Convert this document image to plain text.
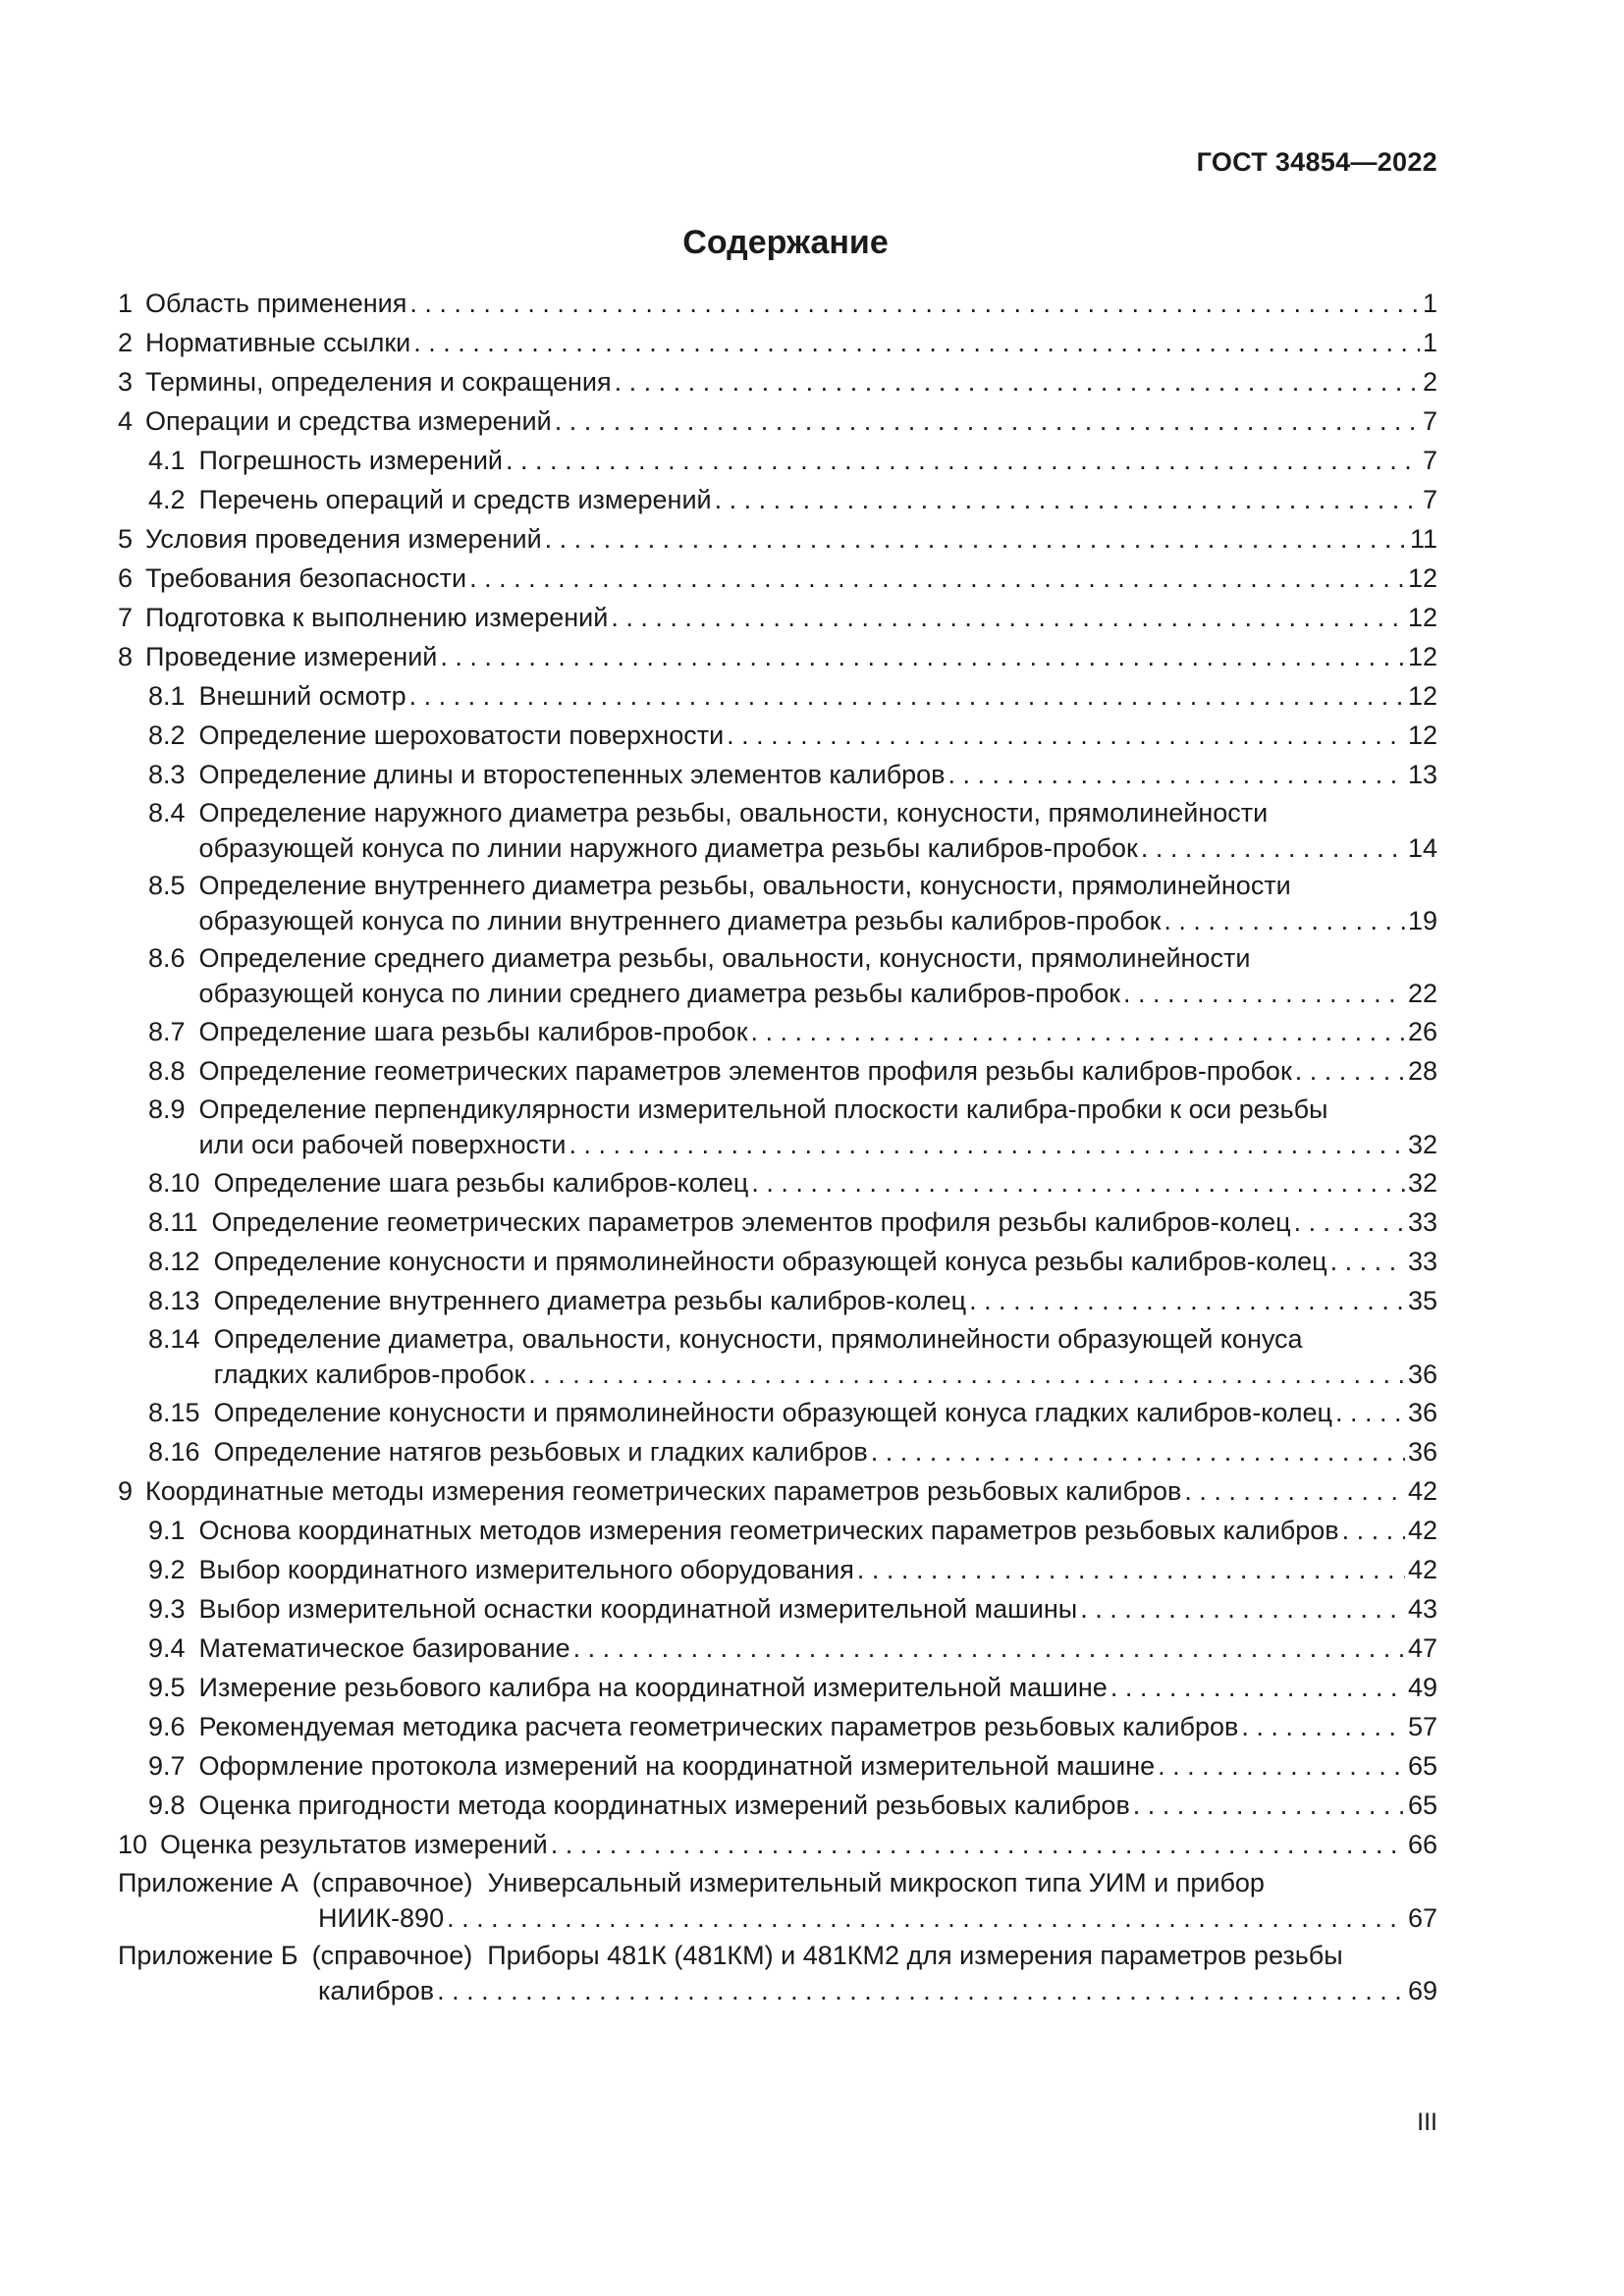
ГОСТ 34854—2022
Содержание
1 Область применения . . .	1
2 Нормативные ссылки . . .	1
3 Термины, определения и сокращения . . .	2
4 Операции и средства измерений . . .	7
4.1 Погрешность измерений . . .	7
4.2 Перечень операций и средств измерений . . .	7
5 Условия проведения измерений . . .	11
6 Требования безопасности . . .	12
7 Подготовка к выполнению измерений . . .	12
8 Проведение измерений . . .	12
8.1 Внешний осмотр . . .	12
8.2 Определение шероховатости поверхности . . .	12
8.3 Определение длины и второстепенных элементов калибров . . .	13
8.4 Определение наружного диаметра резьбы, овальности, конусности, прямолинейности
образующей конуса по линии наружного диаметра резьбы калибров-пробок . . .	14
8.5 Определение внутреннего диаметра резьбы, овальности, конусности, прямолинейности
образующей конуса по линии внутреннего диаметра резьбы калибров-пробок . . .	19
8.6 Определение среднего диаметра резьбы, овальности, конусности, прямолинейности
образующей конуса по линии среднего диаметра резьбы калибров-пробок . . .	22
8.7 Определение шага резьбы калибров-пробок . . .	26
8.8 Определение геометрических параметров элементов профиля резьбы калибров-пробок . . .	28
8.9 Определение перпендикулярности измерительной плоскости калибра-пробки к оси резьбы
или оси рабочей поверхности . . .	32
8.10 Определение шага резьбы калибров-колец . . .	32
8.11 Определение геометрических параметров элементов профиля резьбы калибров-колец . . .	33
8.12 Определение конусности и прямолинейности образующей конуса резьбы калибров-колец . . .	33
8.13 Определение внутреннего диаметра резьбы калибров-колец . . .	35
8.14 Определение диаметра, овальности, конусности, прямолинейности образующей конуса
гладких калибров-пробок . . .	36
8.15 Определение конусности и прямолинейности образующей конуса гладких калибров-колец . . .	36
8.16 Определение натягов резьбовых и гладких калибров . . .	36
9 Координатные методы измерения геометрических параметров резьбовых калибров . . .	42
9.1 Основа координатных методов измерения геометрических параметров резьбовых калибров . . .	42
9.2 Выбор координатного измерительного оборудования . . .	42
9.3 Выбор измерительной оснастки координатной измерительной машины . . .	43
9.4 Математическое базирование . . .	47
9.5 Измерение резьбового калибра на координатной измерительной машине . . .	49
9.6 Рекомендуемая методика расчета геометрических параметров резьбовых калибров . . .	57
9.7 Оформление протокола измерений на координатной измерительной машине . . .	65
9.8 Оценка пригодности метода координатных измерений резьбовых калибров . . .	65
10 Оценка результатов измерений . . .	66
Приложение А (справочное)  Универсальный измерительный микроскоп типа УИМ и прибор
НИИК-890 . . .	67
Приложение Б (справочное)  Приборы 481К (481КМ) и 481КМ2 для измерения параметров резьбы
калибров . . .	69
III
